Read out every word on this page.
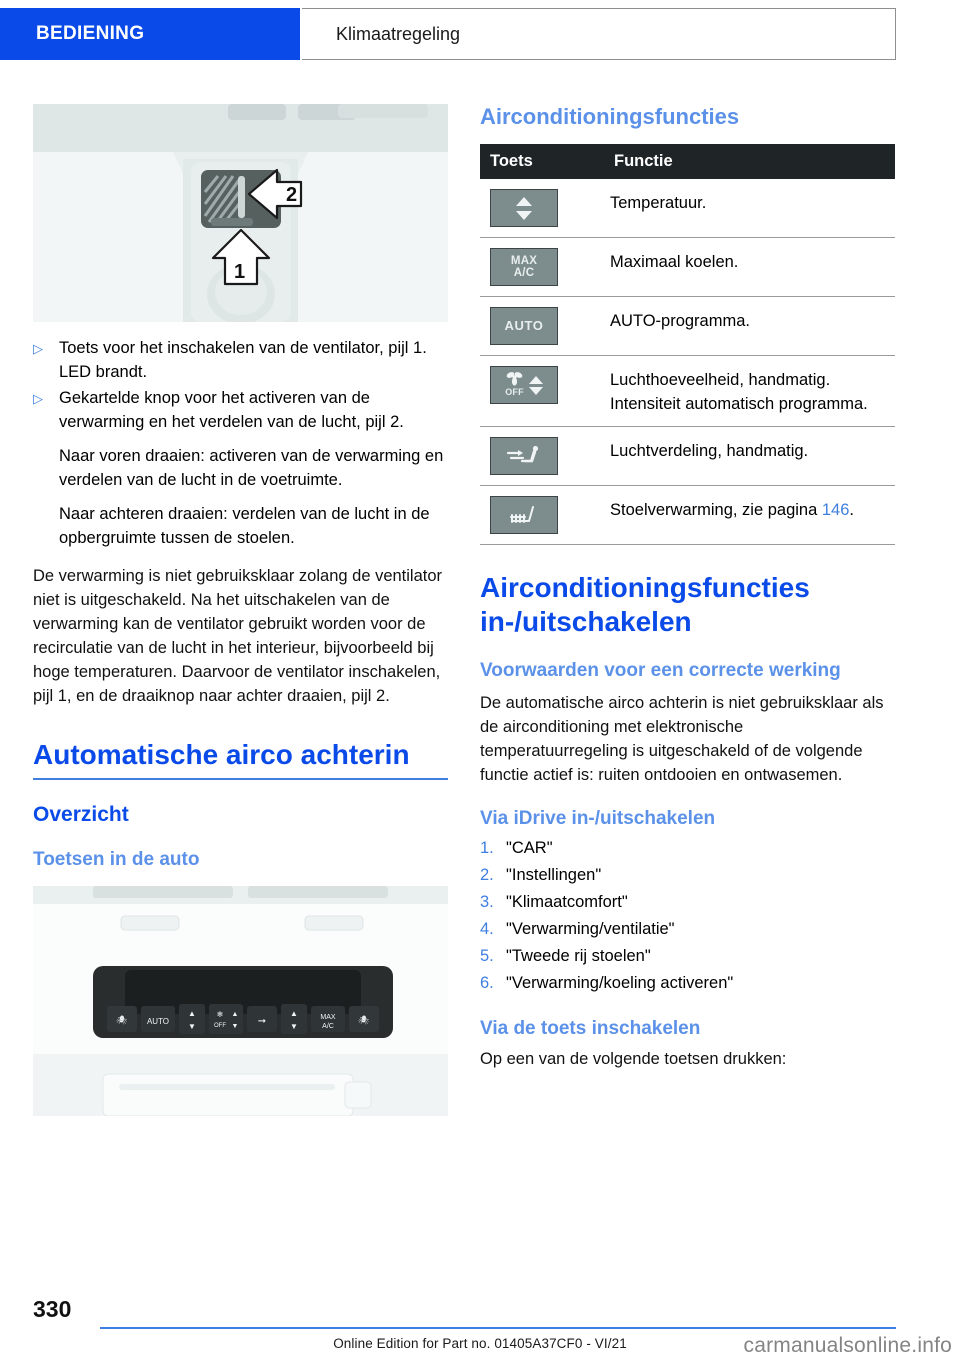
BEDIENING	Klimaatregeling
2
1
▷ Toets voor het inschakelen van de ventilator, pijl 1. LED brandt.
▷ Gekartelde knop voor het activeren van de verwarming en het verdelen van de lucht, pijl 2.
Naar voren draaien: activeren van de verwarming en verdelen van de lucht in de voetruimte.
Naar achteren draaien: verdelen van de lucht in de opbergruimte tussen de stoelen.

De verwarming is niet gebruiksklaar zolang de ventilator niet is uitgeschakeld. Na het uitschakelen van de verwarming kan de ventilator gebruikt worden voor de recirculatie van de lucht in het interieur, bijvoorbeeld bij hoge temperaturen. Daarvoor de ventilator inschakelen, pijl 1, en de draaiknop naar achter draaien, pijl 2.

Automatische airco achterin
Overzicht
Toetsen in de auto
🕷 AUTO
▲
▼
❄
OFF
▲
▼ ➞
▲
▼
MAX
A/C
🕷
Airconditioningsfuncties
Toets	Functie

	Temperatuur.

MAX
A/C	Maximaal koelen.

AUTO	AUTO-programma.

OFF	Luchthoeveelheid, handmatig.
Intensiteit automatisch programma.

Luchtverdeling, handmatig.

Stoelverwarming, zie pagina 146.
Airconditioningsfuncties in-/uitschakelen
Voorwaarden voor een correcte werking

De automatische airco achterin is niet gebruiksklaar als de airconditioning met elektronische temperatuurregeling is uitgeschakeld of de volgende functie actief is: ruiten ontdooien en ontwasemen.

Via iDrive in-/uitschakelen
1. "CAR"
2. "Instellingen"
3. "Klimaatcomfort"
4. "Verwarming/ventilatie"
5. "Tweede rij stoelen"
6. "Verwarming/koeling activeren"
Via de toets inschakelen

Op een van de volgende toetsen drukken:

330
Online Edition for Part no. 01405A37CF0 - VI/21	carmanualsonline.info
